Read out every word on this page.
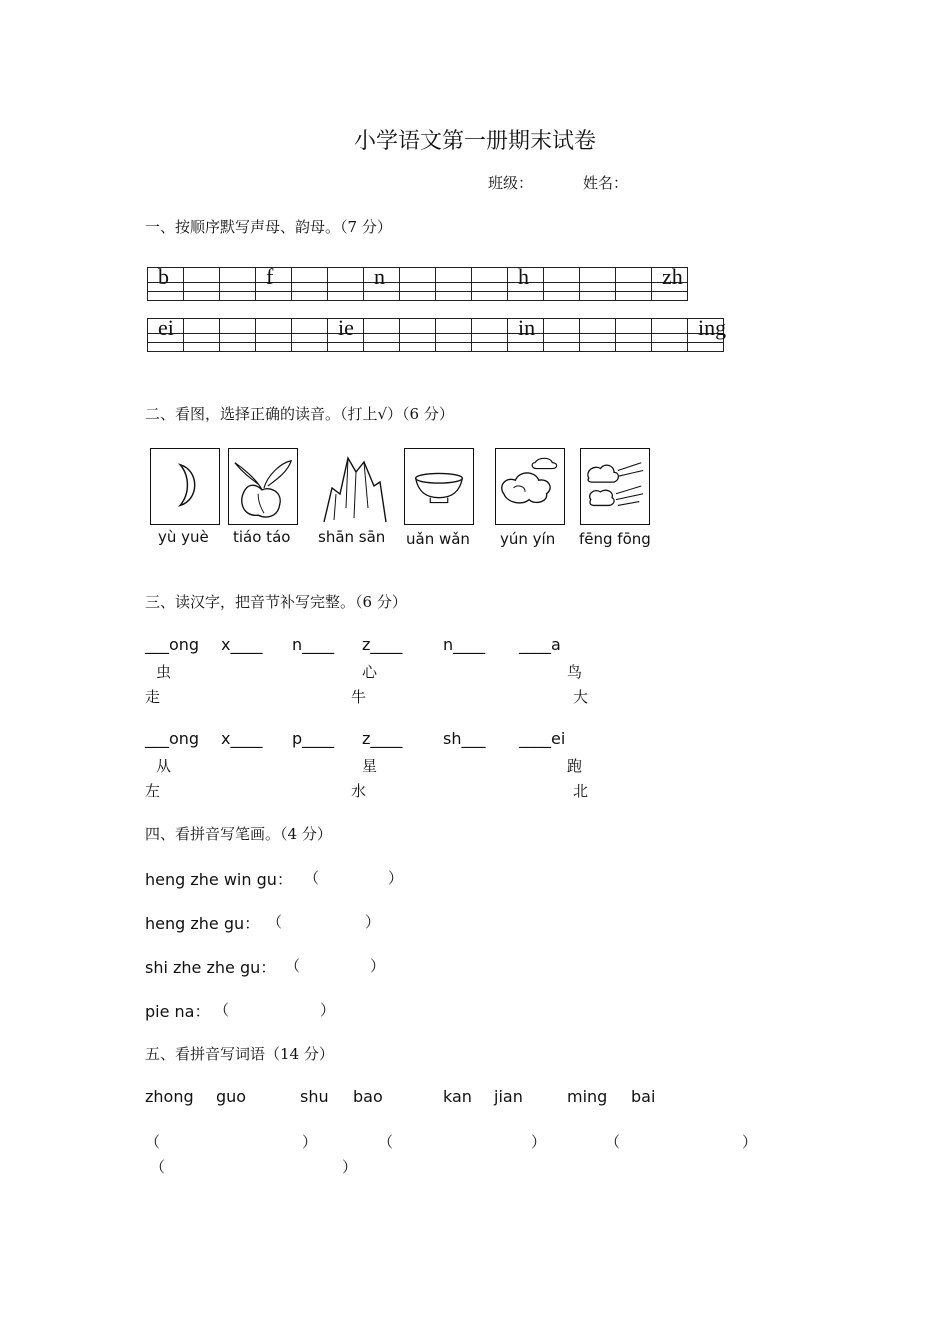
小学语文第一册期末试卷
班级：	姓名：
一、按顺序默写声母、韵母。（7 分）
b			f			n				h				zh

ei					ie					in					ing

二、看图，选择正确的读音。（打上√）（6 分）
yù yuè tiáo táo shān sān uǎn wǎn yún yín fēng fōng
三、读汉字，把音节补写完整。（6 分）
___ong x____ n____ z____	n____ ____a
虫	心	鸟
走	牛	大
___ong x____ p____ z____	sh___ ____ei
从	星	跑
左	水	北
四、看拼音写笔画。（4 分）
heng zhe win gu： （	）
heng zhe gu： （	）
shi zhe zhe gu： （	）
pie na： （	）
五、看拼音写词语（14 分）
zhong guo	shu bao	kan jian	ming bai
（	）	（	）	（	）
（	）
